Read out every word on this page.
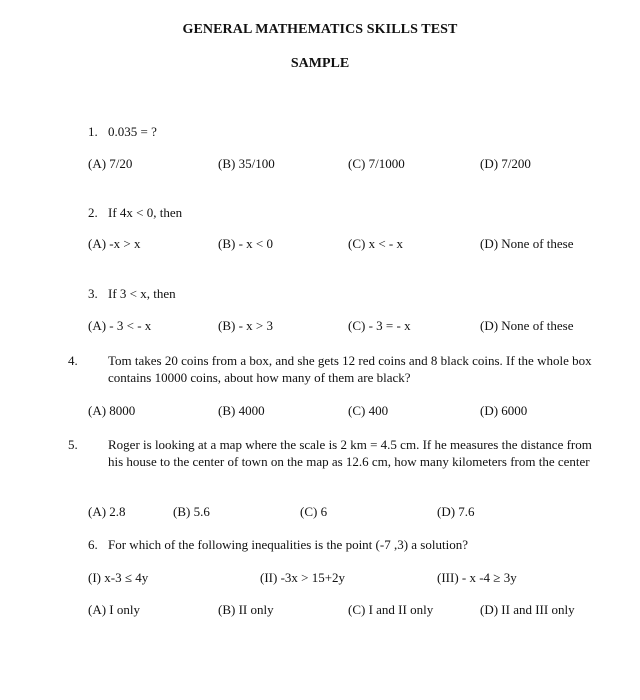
GENERAL MATHEMATICS SKILLS TEST
SAMPLE
1. 0.035 = ?
(A) 7/20	(B) 35/100	(C) 7/1000	(D) 7/200
2. If 4x < 0, then
(A) -x > x	(B) - x < 0	(C) x < - x	(D) None of these
3. If 3 < x, then
(A) - 3 < - x	(B) - x > 3	(C) - 3 = - x	(D) None of these
4. Tom takes 20 coins from a box, and she gets 12 red coins and 8 black coins. If the whole box contains 10000 coins, about how many of them are black?
(A) 8000	(B) 4000	(C) 400	(D) 6000
5. Roger is looking at a map where the scale is 2 km = 4.5 cm. If he measures the distance from his house to the center of town on the map as 12.6 cm, how many kilometers from the center
(A) 2.8	(B) 5.6	(C) 6	(D) 7.6
6. For which of the following inequalities is the point (-7 ,3) a solution?
(I) x-3 ≤ 4y	(II) -3x > 15+2y	(III) - x -4 ≥ 3y
(A) I only	(B) II only	(C) I and II only	(D) II and III only
